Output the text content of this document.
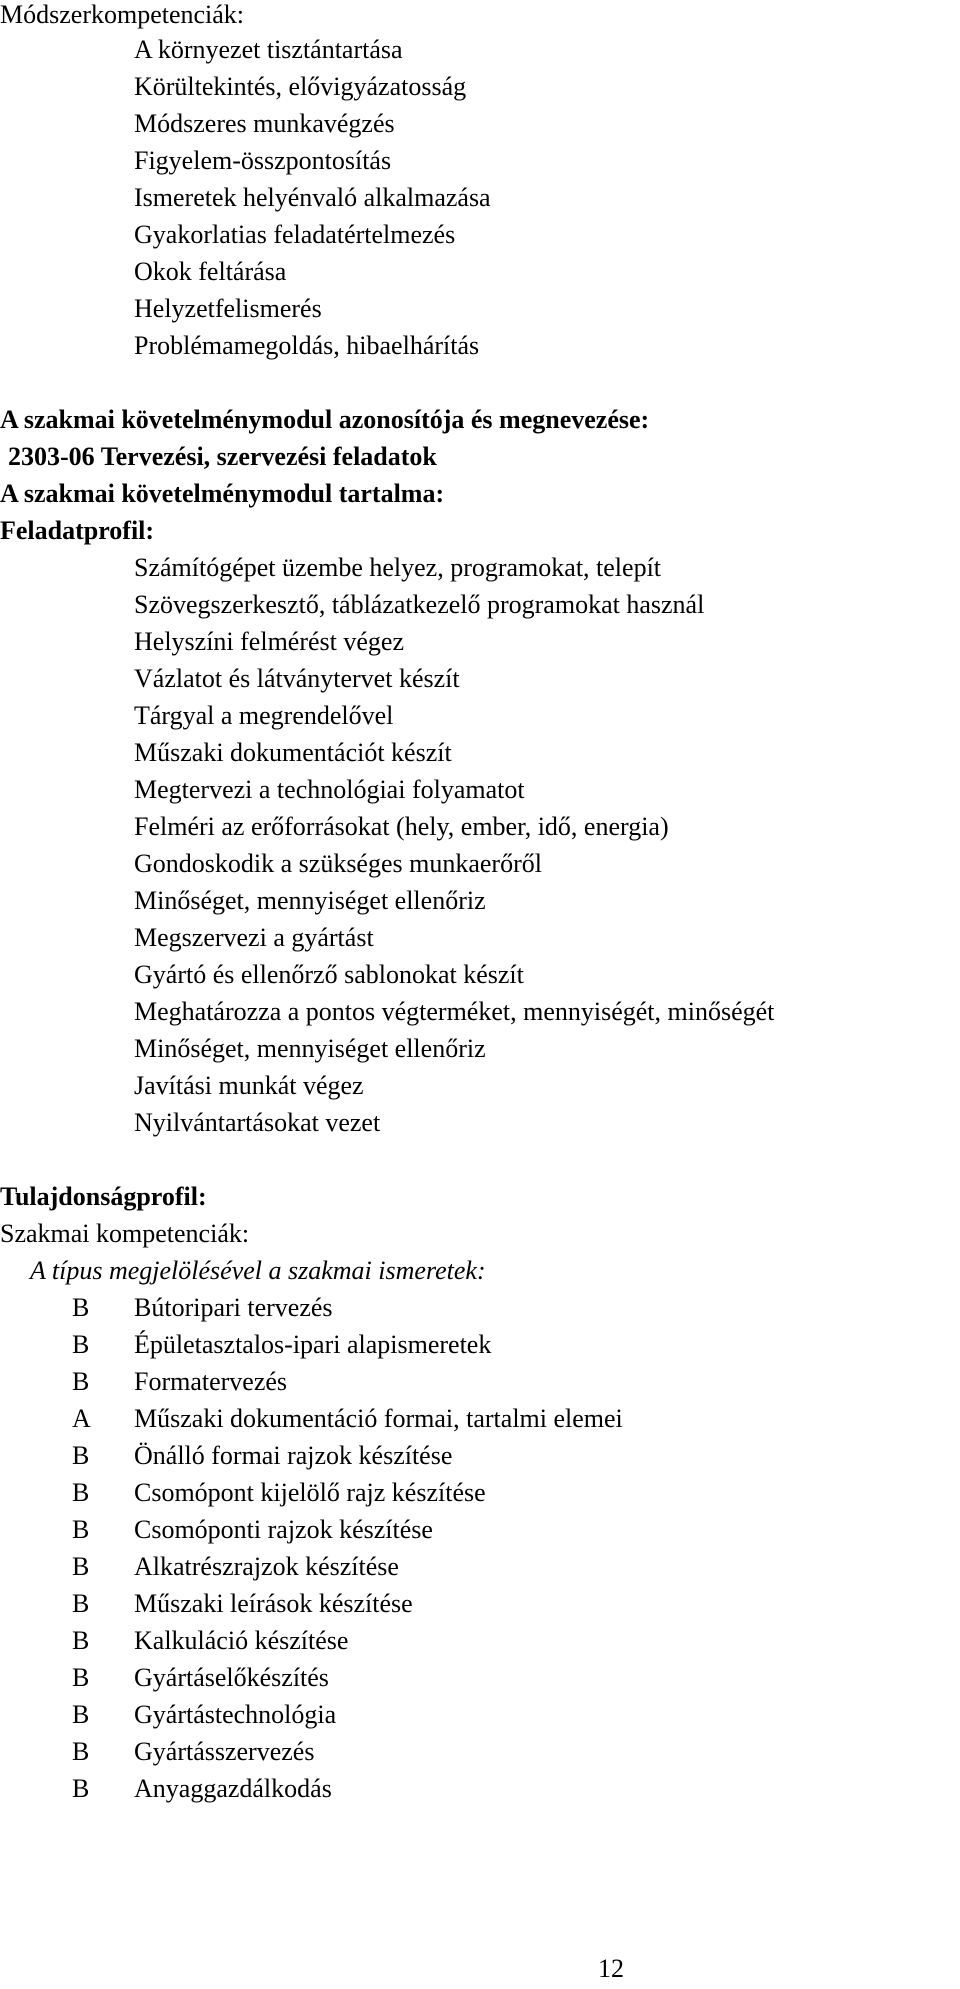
Módszerkompetenciák:
A környezet tisztántartása
Körültekintés, elővigyázatosság
Módszeres munkavégzés
Figyelem-összpontosítás
Ismeretek helyénvaló alkalmazása
Gyakorlatias feladatértelmezés
Okok feltárása
Helyzetfelismerés
Problémamegoldás, hibaelhárítás
A szakmai követelménymodul azonosítója és megnevezése:
2303-06 Tervezési, szervezési feladatok
A szakmai követelménymodul tartalma:
Feladatprofil:
Számítógépet üzembe helyez, programokat, telepít
Szövegszerkesztő, táblázatkezelő programokat használ
Helyszíni felmérést végez
Vázlatot és látványtervet készít
Tárgyal a megrendelővel
Műszaki dokumentációt készít
Megtervezi a technológiai folyamatot
Felméri az erőforrásokat (hely, ember, idő, energia)
Gondoskodik a szükséges munkaerőről
Minőséget, mennyiséget ellenőriz
Megszervezi a gyártást
Gyártó és ellenőrző sablonokat készít
Meghatározza a pontos végterméket, mennyiségét, minőségét
Minőséget, mennyiséget ellenőriz
Javítási munkát végez
Nyilvántartásokat vezet
Tulajdonságprofil:
Szakmai kompetenciák:
A típus megjelölésével a szakmai ismeretek:
B Bútoripari tervezés
B Épületasztalos-ipari alapismeretek
B Formatervezés
A Műszaki dokumentáció formai, tartalmi elemei
B Önálló formai rajzok készítése
B Csomópont kijelölő rajz készítése
B Csomóponti rajzok készítése
B Alkatrészrajzok készítése
B Műszaki leírások készítése
B Kalkuláció készítése
B Gyártáselőkészítés
B Gyártástechnológia
B Gyártásszervezés
B Anyaggazdálkodás
12
